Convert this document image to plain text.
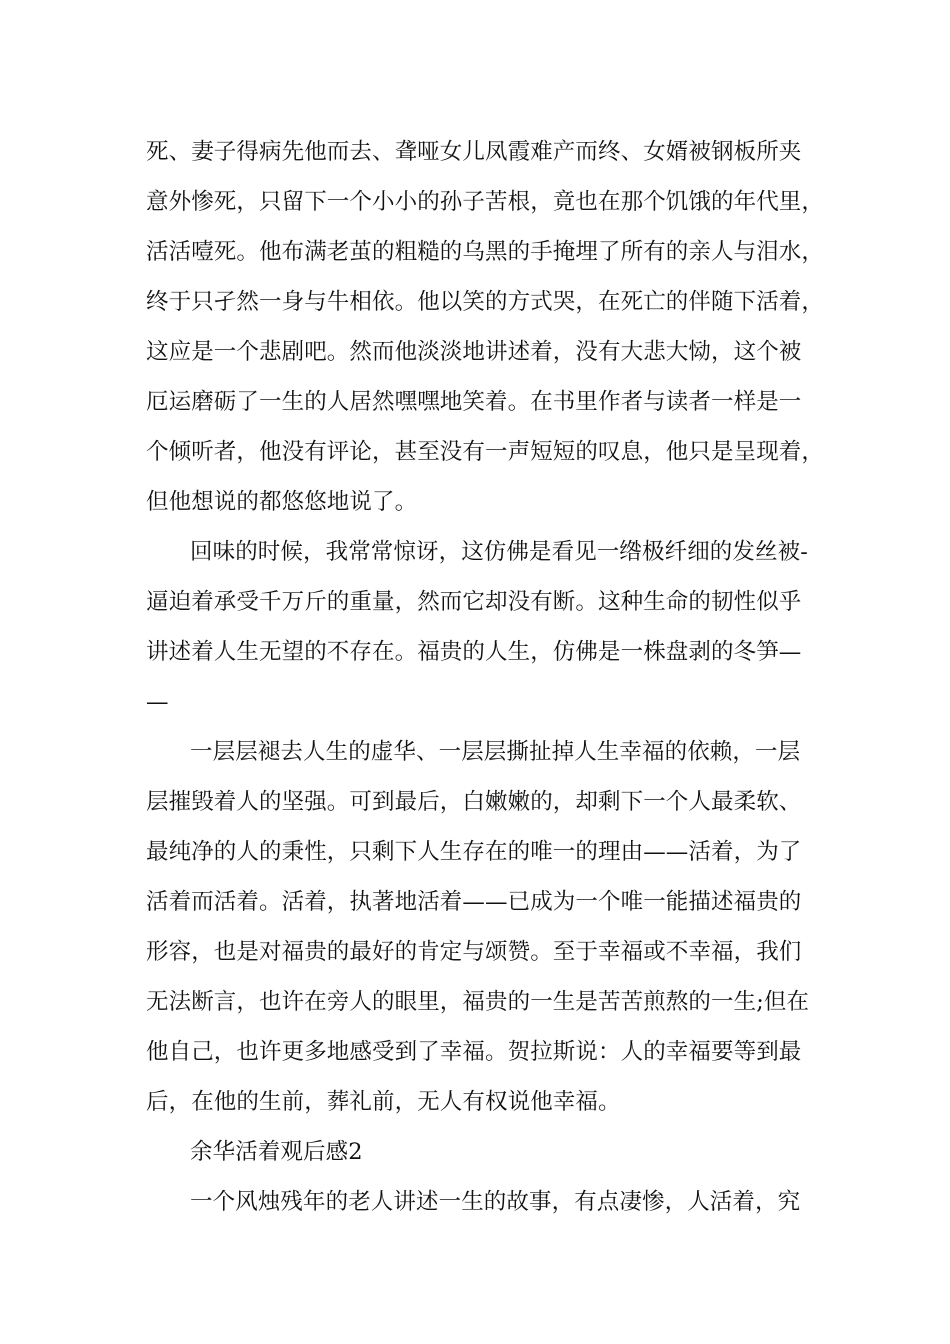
死、妻子得病先他而去、聋哑女儿凤霞难产而终、女婿被钢板所夹
意外惨死，只留下一个小小的孙子苦根，竟也在那个饥饿的年代里，
活活噎死。他布满老茧的粗糙的乌黑的手掩埋了所有的亲人与泪水，
终于只孑然一身与牛相依。他以笑的方式哭，在死亡的伴随下活着，
这应是一个悲剧吧。然而他淡淡地讲述着，没有大悲大恸，这个被
厄运磨砺了一生的人居然嘿嘿地笑着。在书里作者与读者一样是一
个倾听者，他没有评论，甚至没有一声短短的叹息，他只是呈现着，
但他想说的都悠悠地说了。
回味的时候，我常常惊讶，这仿佛是看见一绺极纤细的发丝被-
逼迫着承受千万斤的重量，然而它却没有断。这种生命的韧性似乎
讲述着人生无望的不存在。福贵的人生，仿佛是一株盘剥的冬笋—
—
一层层褪去人生的虚华、一层层撕扯掉人生幸福的依赖，一层
层摧毁着人的坚强。可到最后，白嫩嫩的，却剩下一个人最柔软、
最纯净的人的秉性，只剩下人生存在的唯一的理由——活着，为了
活着而活着。活着，执著地活着——已成为一个唯一能描述福贵的
形容，也是对福贵的最好的肯定与颂赞。至于幸福或不幸福，我们
无法断言，也许在旁人的眼里，福贵的一生是苦苦煎熬的一生;但在
他自己，也许更多地感受到了幸福。贺拉斯说：人的幸福要等到最
后，在他的生前，葬礼前，无人有权说他幸福。
余华活着观后感2
一个风烛残年的老人讲述一生的故事，有点凄惨，人活着，究
